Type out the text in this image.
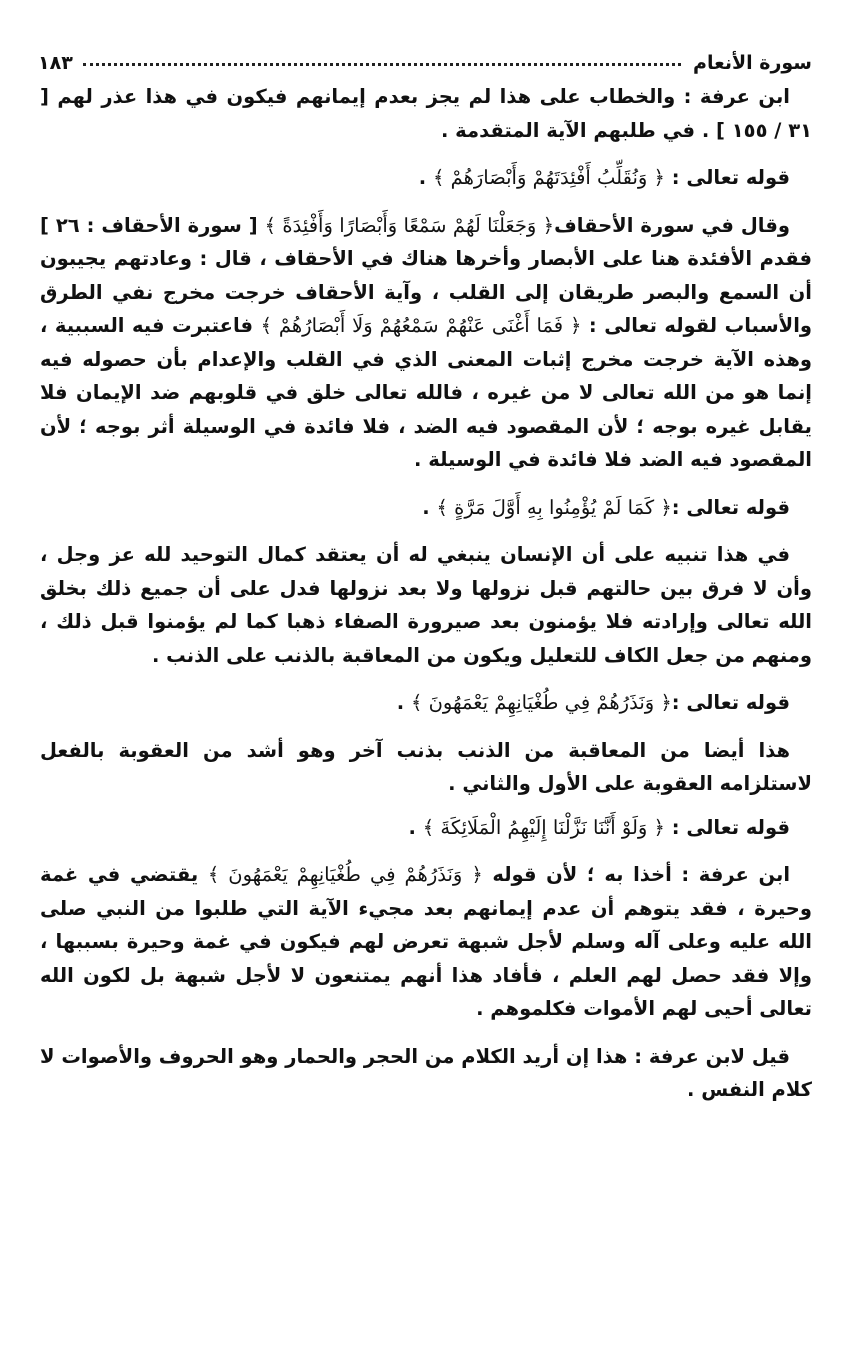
سورة الأنعام
١٨٣

ابن عرفة : والخطاب على هذا لم يجز بعدم إيمانهم فيكون في هذا عذر لهم [ ٣١ / ١٥٥ ] . في طلبهم الآية المتقدمة .

قوله تعالى : ﴿ وَنُقَلِّبُ أَفْئِدَتَهُمْ وَأَبْصَارَهُمْ ﴾ .

وقال في سورة الأحقاف﴿ وَجَعَلْنَا لَهُمْ سَمْعًا وَأَبْصَارًا وَأَفْئِدَةً ﴾ [ سورة الأحقاف : ٢٦ ] فقدم الأفئدة هنا على الأبصار وأخرها هناك في الأحقاف ، قال : وعادتهم يجيبون أن السمع والبصر طريقان إلى القلب ، وآية الأحقاف خرجت مخرج نفي الطرق والأسباب لقوله تعالى : ﴿ فَمَا أَغْنَى عَنْهُمْ سَمْعُهُمْ وَلَا أَبْصَارُهُمْ ﴾ فاعتبرت فيه السببية ، وهذه الآية خرجت مخرج إثبات المعنى الذي في القلب والإعدام بأن حصوله فيه إنما هو من الله تعالى لا من غيره ، فالله تعالى خلق في قلوبهم ضد الإيمان فلا يقابل غيره بوجه ؛ لأن المقصود فيه الضد ، فلا فائدة في الوسيلة أثر بوجه ؛ لأن المقصود فيه الضد فلا فائدة في الوسيلة .

قوله تعالى :﴿ كَمَا لَمْ يُؤْمِنُوا بِهِ أَوَّلَ مَرَّةٍ ﴾ .

في هذا تنبيه على أن الإنسان ينبغي له أن يعتقد كمال التوحيد لله عز وجل ، وأن لا فرق بين حالتهم قبل نزولها ولا بعد نزولها فدل على أن جميع ذلك بخلق الله تعالى وإرادته فلا يؤمنون بعد صيرورة الصفاء ذهبا كما لم يؤمنوا قبل ذلك ، ومنهم من جعل الكاف للتعليل ويكون من المعاقبة بالذنب على الذنب .

قوله تعالى :﴿ وَنَذَرُهُمْ فِي طُغْيَانِهِمْ يَعْمَهُونَ ﴾ .

هذا أيضا من المعاقبة من الذنب بذنب آخر وهو أشد من العقوبة بالفعل لاستلزامه العقوبة على الأول والثاني .

قوله تعالى : ﴿ وَلَوْ أَنَّنَا نَزَّلْنَا إِلَيْهِمُ الْمَلَائِكَةَ ﴾ .

ابن عرفة : أخذا به ؛ لأن قوله ﴿ وَنَذَرُهُمْ فِي طُغْيَانِهِمْ يَعْمَهُونَ ﴾ يقتضي في غمة وحيرة ، فقد يتوهم أن عدم إيمانهم بعد مجيء الآية التي طلبوا من النبي صلى الله عليه وعلى آله وسلم لأجل شبهة تعرض لهم فيكون في غمة وحيرة بسببها ، وإلا فقد حصل لهم العلم ، فأفاد هذا أنهم يمتنعون لا لأجل شبهة بل لكون الله تعالى أحيى لهم الأموات فكلموهم .

قيل لابن عرفة : هذا إن أريد الكلام من الحجر والحمار وهو الحروف والأصوات لا كلام النفس .
